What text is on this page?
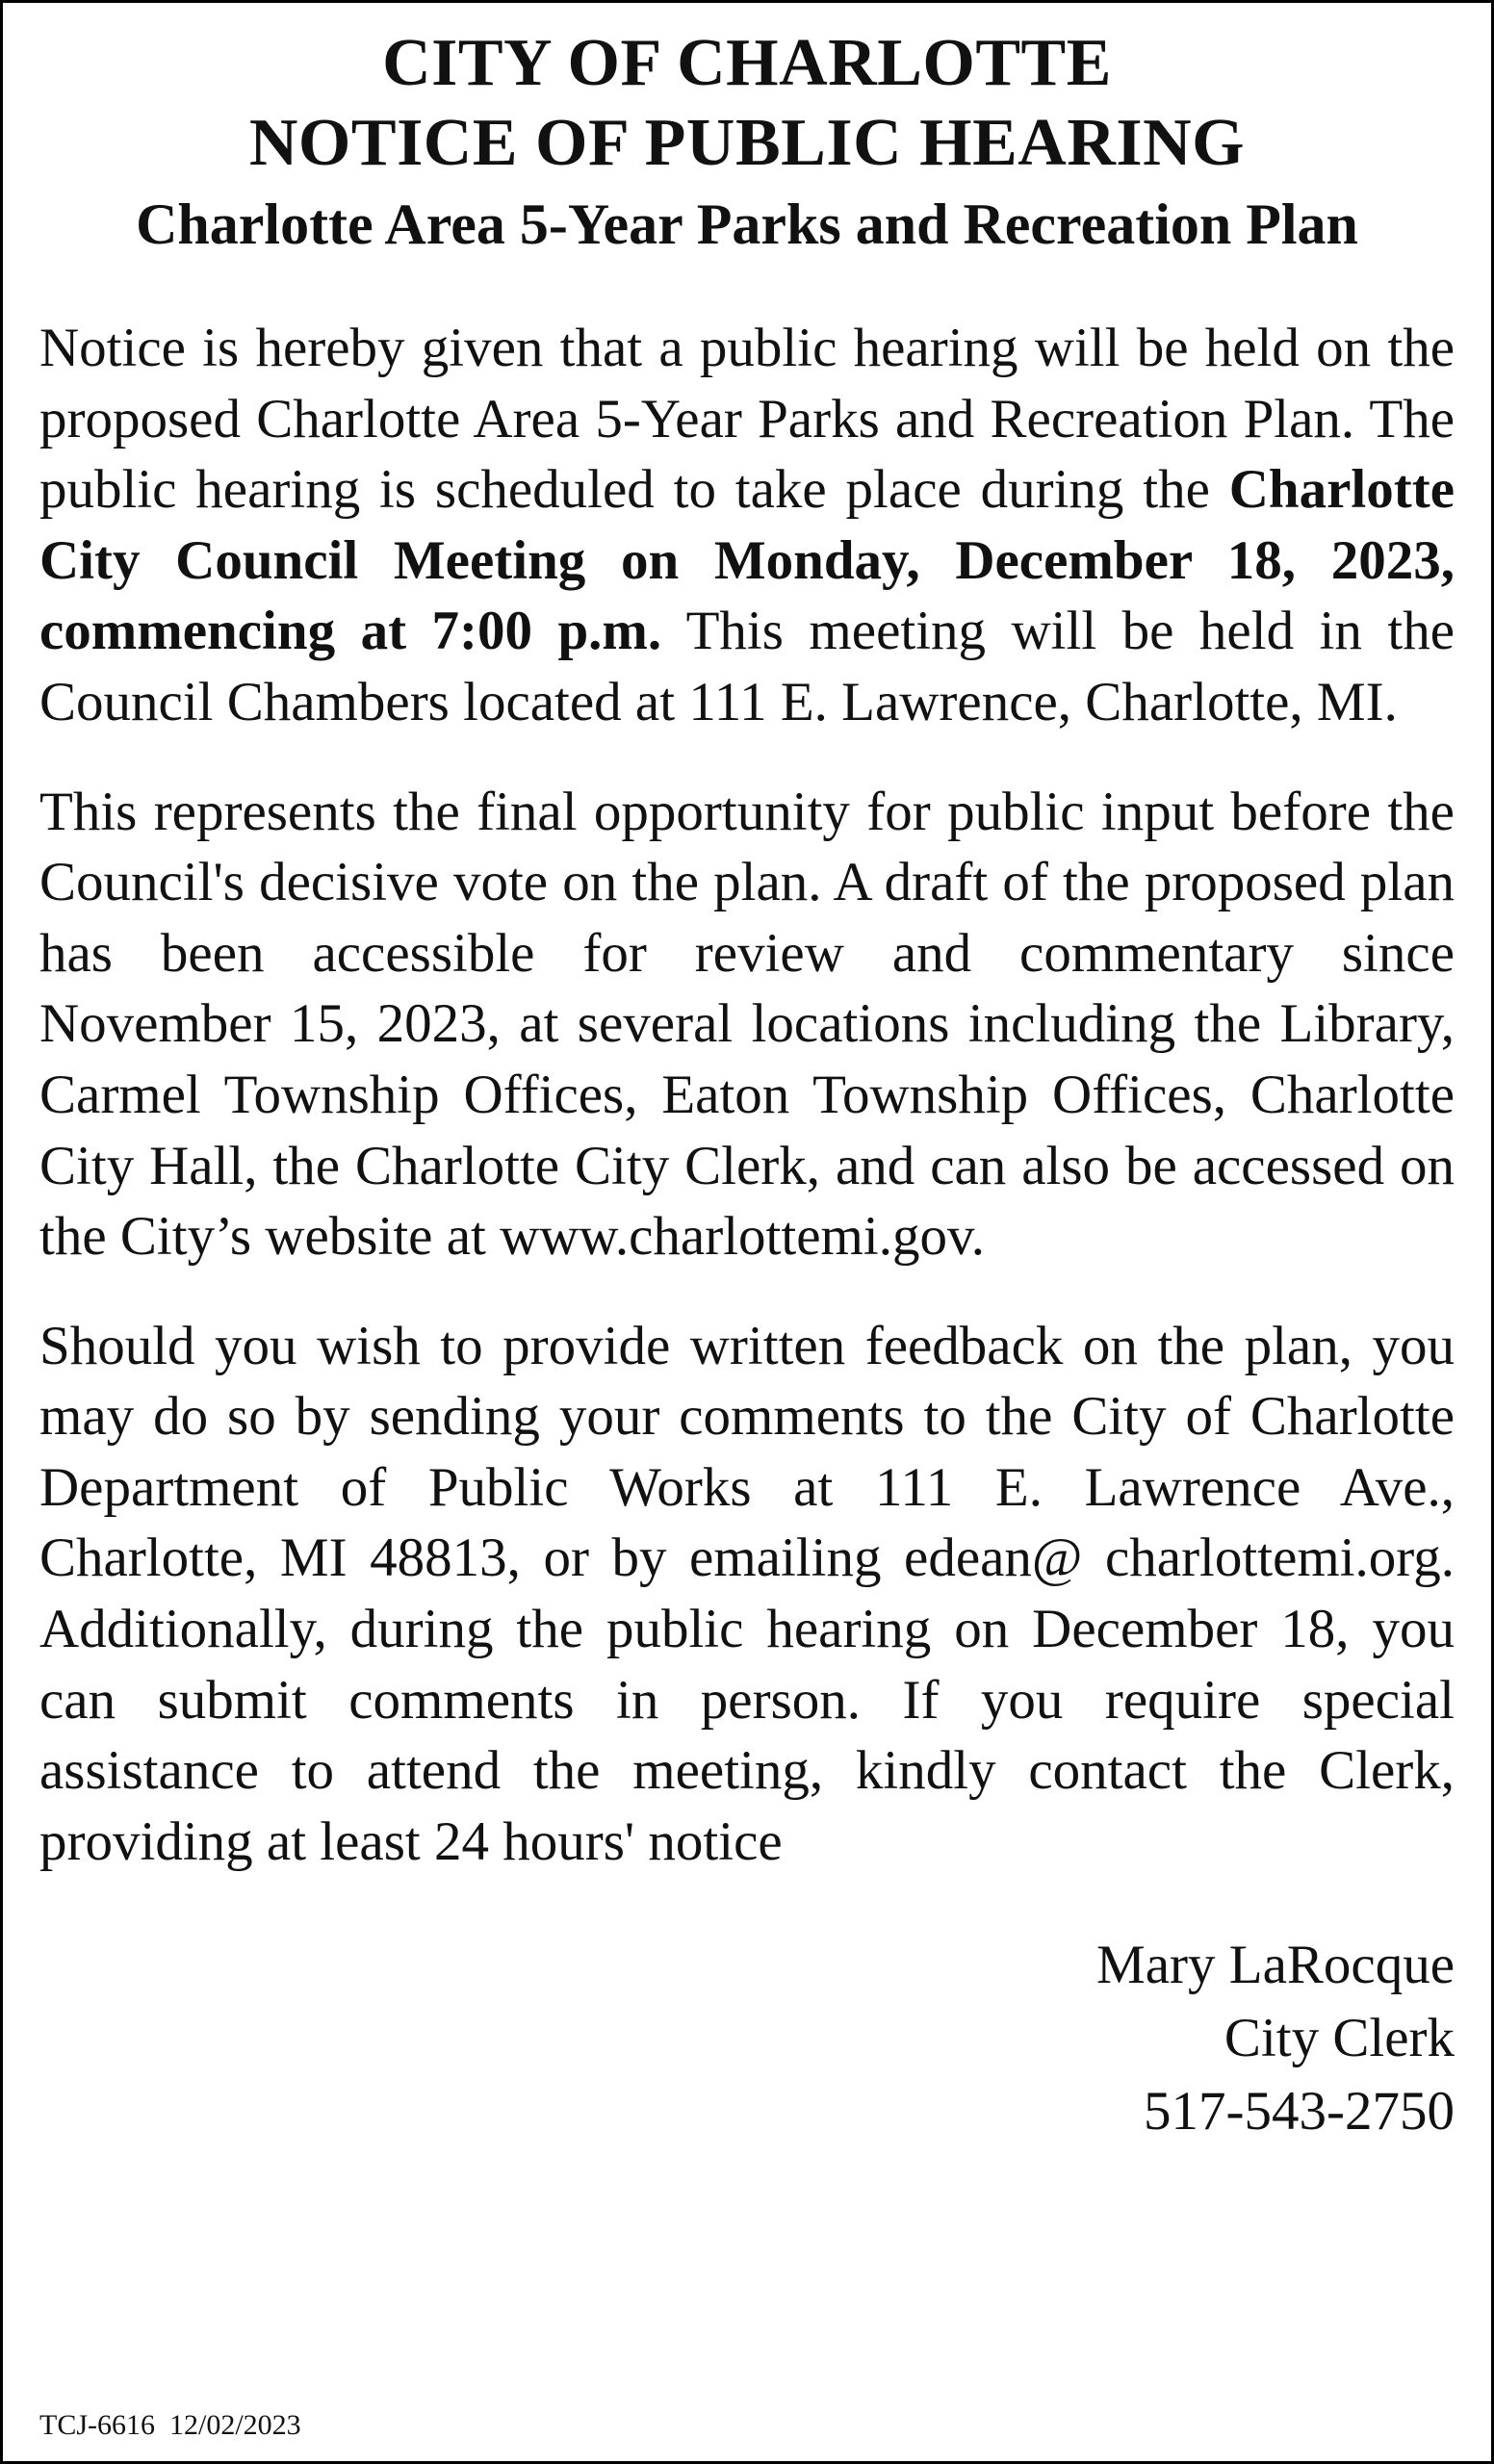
CITY OF CHARLOTTE
NOTICE OF PUBLIC HEARING
Charlotte Area 5-Year Parks and Recreation Plan

Notice is hereby given that a public hearing will be held on the proposed Charlotte Area 5-Year Parks and Recreation Plan. The public hearing is scheduled to take place during the Charlotte City Council Meeting on Monday, December 18, 2023, commencing at 7:00 p.m. This meeting will be held in the Council Chambers located at 111 E. Lawrence, Charlotte, MI.

This represents the final opportunity for public input before the Council's decisive vote on the plan. A draft of the proposed plan has been accessible for review and commentary since November 15, 2023, at several locations including the Library, Carmel Township Offices, Eaton Township Offices, Charlotte City Hall, the Charlotte City Clerk, and can also be accessed on the City’s website at www.charlottemi.gov.

Should you wish to provide written feedback on the plan, you may do so by sending your comments to the City of Charlotte Department of Public Works at 111 E. Lawrence Ave., Charlotte, MI 48813, or by emailing edean@ charlottemi.org. Additionally, during the public hearing on December 18, you can submit comments in person. If you require special assistance to attend the meeting, kindly contact the Clerk, providing at least 24 hours' notice

Mary LaRocque
City Clerk
517-543-2750
TCJ-6616 12/02/2023
